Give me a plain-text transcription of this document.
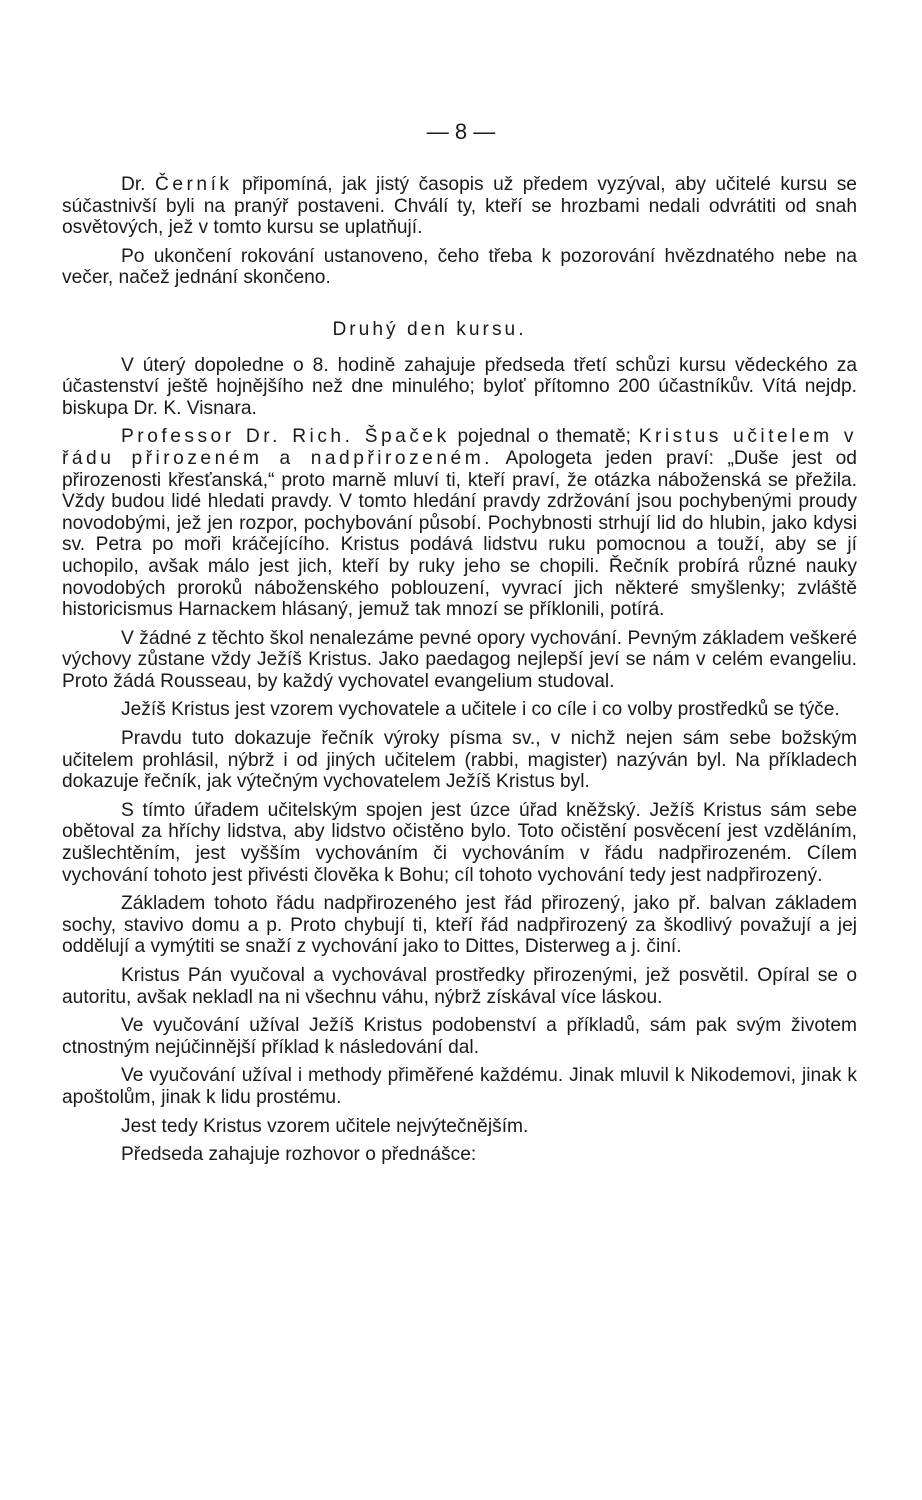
— 8 —

Dr. Černík připomíná, jak jistý časopis už předem vyzýval, aby učitelé kursu se súčastnivší byli na pranýř postaveni. Chválí ty, kteří se hrozbami nedali odvrátiti od snah osvětových, jež v tomto kursu se uplatňují.

Po ukončení rokování ustanoveno, čeho třeba k pozorování hvězdnatého nebe na večer, načež jednání skončeno.

Druhý den kursu.

V úterý dopoledne o 8. hodině zahajuje předseda třetí schůzi kursu vědeckého za účastenství ještě hojnějšího než dne minulého; byloť přítomno 200 účastníkův. Vítá nejdp. biskupa Dr. K. Visnara.

Professor Dr. Rich. Špaček pojednal o thematě; Kristus učitelem v řádu přirozeném a nadpřirozeném. Apologeta jeden praví: „Duše jest od přirozenosti křesťanská,“ proto marně mluví ti, kteří praví, že otázka náboženská se přežila. Vždy budou lidé hledati pravdy. V tomto hledání pravdy zdržování jsou pochybenými proudy novodobými, jež jen rozpor, pochybování působí. Pochybnosti strhují lid do hlubin, jako kdysi sv. Petra po moři kráčejícího. Kristus podává lidstvu ruku pomocnou a touží, aby se jí uchopilo, avšak málo jest jich, kteří by ruky jeho se chopili. Řečník probírá různé nauky novodobých proroků náboženského poblouzení, vyvrací jich některé smyšlenky; zvláště historicismus Harnackem hlásaný, jemuž tak mnozí se příklonili, potírá.

V žádné z těchto škol nenalezáme pevné opory vychování. Pevným základem veškeré výchovy zůstane vždy Ježíš Kristus. Jako paedagog nejlepší jeví se nám v celém evangeliu. Proto žádá Rousseau, by každý vychovatel evangelium studoval.

Ježíš Kristus jest vzorem vychovatele a učitele i co cíle i co volby prostředků se týče.

Pravdu tuto dokazuje řečník výroky písma sv., v nichž nejen sám sebe božským učitelem prohlásil, nýbrž i od jiných učitelem (rabbi, magister) nazýván byl. Na příkladech dokazuje řečník, jak výtečným vychovatelem Ježíš Kristus byl.

S tímto úřadem učitelským spojen jest úzce úřad kněžský. Ježíš Kristus sám sebe obětoval za hříchy lidstva, aby lidstvo očistěno bylo. Toto očistění posvěcení jest vzděláním, zušlechtěním, jest vyšším vychováním či vychováním v řádu nadpřirozeném. Cílem vychování tohoto jest přivésti člověka k Bohu; cíl tohoto vychování tedy jest nadpřirozený.

Základem tohoto řádu nadpřirozeného jest řád přirozený, jako př. balvan základem sochy, stavivo domu a p. Proto chybují ti, kteří řád nadpřirozený za škodlivý považují a jej oddělují a vymýtiti se snaží z vychování jako to Dittes, Disterweg a j. činí.

Kristus Pán vyučoval a vychovával prostředky přirozenými, jež posvětil. Opíral se o autoritu, avšak nekladl na ni všechnu váhu, nýbrž získával více láskou.

Ve vyučování užíval Ježíš Kristus podobenství a příkladů, sám pak svým životem ctnostným nejúčinnější příklad k následování dal.

Ve vyučování užíval i methody přiměřené každému. Jinak mluvil k Nikodemovi, jinak k apoštolům, jinak k lidu prostému.

Jest tedy Kristus vzorem učitele nejvýtečnějším.

Předseda zahajuje rozhovor o přednášce:
